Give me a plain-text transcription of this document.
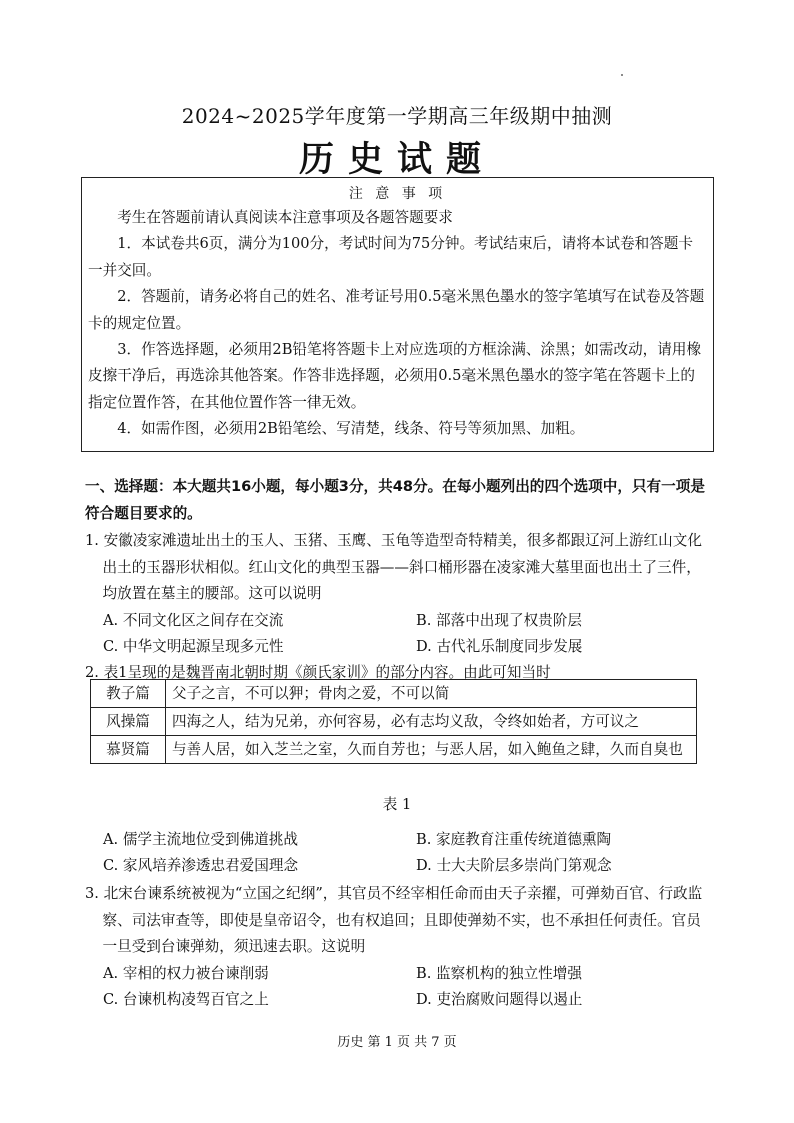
2024~2025学年度第一学期高三年级期中抽测
历史试题
注 意 事 项

考生在答题前请认真阅读本注意事项及各题答题要求

1．本试卷共6页，满分为100分，考试时间为75分钟。考试结束后，请将本试卷和答题卡一并交回。

2．答题前，请务必将自己的姓名、准考证号用0.5毫米黑色墨水的签字笔填写在试卷及答题卡的规定位置。

3．作答选择题，必须用2B铅笔将答题卡上对应选项的方框涂满、涂黑；如需改动，请用橡皮擦干净后，再选涂其他答案。作答非选择题，必须用0.5毫米黑色墨水的签字笔在答题卡上的指定位置作答，在其他位置作答一律无效。

4．如需作图，必须用2B铅笔绘、写清楚，线条、符号等须加黑、加粗。

一、选择题：本大题共16小题，每小题3分，共48分。在每小题列出的四个选项中，只有一项是符合题目要求的。

1. 安徽凌家滩遗址出土的玉人、玉猪、玉鹰、玉龟等造型奇特精美，很多都跟辽河上游红山文化出土的玉器形状相似。红山文化的典型玉器——斜口桶形器在凌家滩大墓里面也出土了三件，均放置在墓主的腰部。这可以说明

A. 不同文化区之间存在交流	B. 部落中出现了权贵阶层
C. 中华文明起源呈现多元性	D. 古代礼乐制度同步发展

2. 表1呈现的是魏晋南北朝时期《颜氏家训》的部分内容。由此可知当时

教子篇	父子之言，不可以狎；骨肉之爱，不可以简
风操篇	四海之人，结为兄弟，亦何容易，必有志均义敌，令终如始者，方可议之
慕贤篇	与善人居，如入芝兰之室，久而自芳也；与恶人居，如入鲍鱼之肆，久而自臭也
表 1
A. 儒学主流地位受到佛道挑战	B. 家庭教育注重传统道德熏陶
C. 家风培养渗透忠君爱国理念	D. 士大夫阶层多崇尚门第观念

3. 北宋台谏系统被视为“立国之纪纲”，其官员不经宰相任命而由天子亲擢，可弹劾百官、行政监察、司法审查等，即使是皇帝诏令，也有权追回；且即使弹劾不实，也不承担任何责任。官员一旦受到台谏弹劾，须迅速去职。这说明

A. 宰相的权力被台谏削弱	B. 监察机构的独立性增强
C. 台谏机构凌驾百官之上	D. 吏治腐败问题得以遏止
历史 第 1 页 共 7 页
